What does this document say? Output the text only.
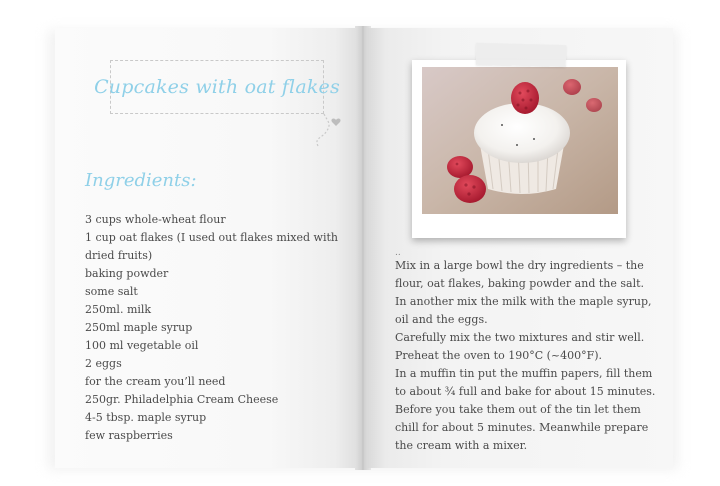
Cupcakes with oat flakes
Ingredients:
3 cups whole-wheat flour
1 cup oat flakes (I used out flakes mixed with dried fruits)
baking powder
some salt
250ml. milk
250ml maple syrup
100 ml vegetable oil
2 eggs
for the cream you’ll need
250gr. Philadelphia Cream Cheese
4-5 tbsp. maple syrup
few raspberries
..
Mix in a large bowl the dry ingredients – the flour, oat flakes, baking powder and the salt.
In another mix the milk with the maple syrup, oil and the eggs.
Carefully mix the two mixtures and stir well. Preheat the oven to 190°C (~400°F).
In a muffin tin put the muffin papers, fill them to about ¾ full and bake for about 15 minutes.
Before you take them out of the tin let them chill for about 5 minutes. Meanwhile prepare the cream with a mixer.
